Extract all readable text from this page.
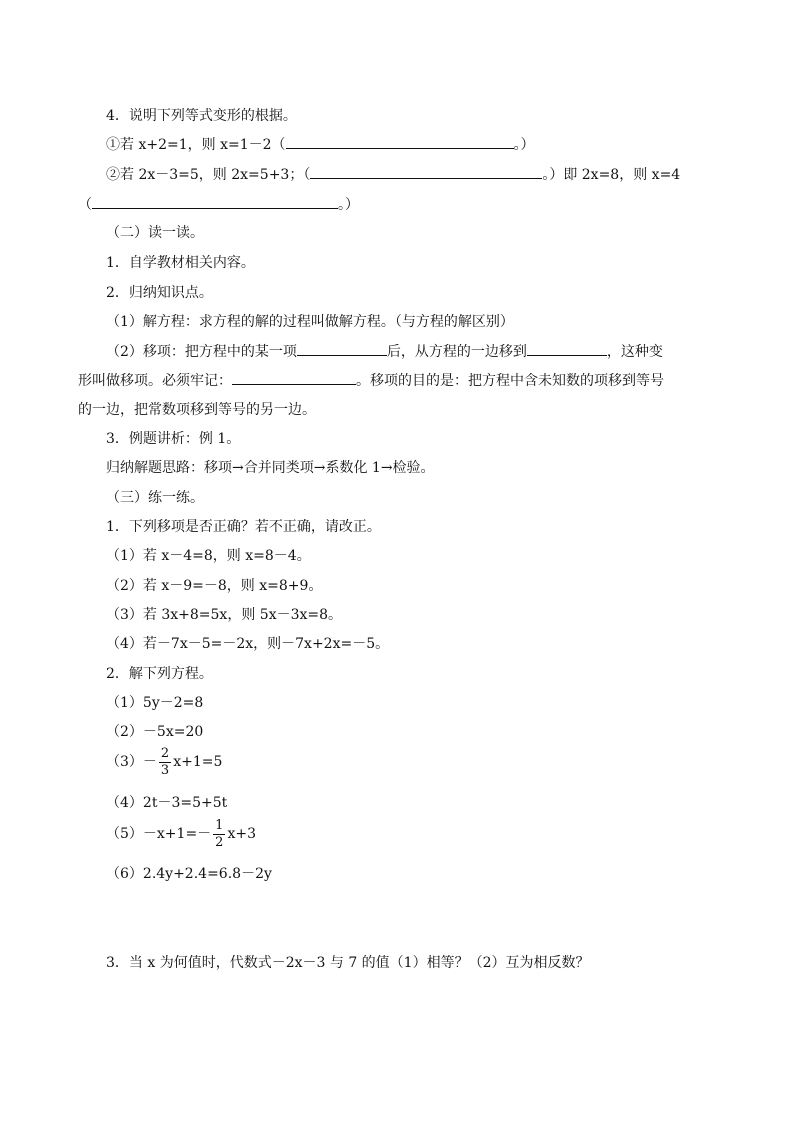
4．说明下列等式变形的根据。
①若 x+2=1，则 x=1－2（	。）
②若 2x－3=5，则 2x=5+3；（	。）即 2x=8，则 x=4
（	。）
（二）读一读。
1．自学教材相关内容。
2．归纳知识点。
（1）解方程：求方程的解的过程叫做解方程。（与方程的解区别）
（2）移项：把方程中的某一项	后，从方程的一边移到	，这种变
形叫做移项。必须牢记：	。移项的目的是：把方程中含未知数的项移到等号
的一边，把常数项移到等号的另一边。
3．例题讲析：例 1。
归纳解题思路：移项→合并同类项→系数化 1→检验。
（三）练一练。
1．下列移项是否正确？若不正确，请改正。
（1）若 x－4=8，则 x=8－4。
（2）若 x－9=－8，则 x=8+9。
（3）若 3x+8=5x，则 5x－3x=8。
（4）若－7x－5=－2x，则－7x+2x=－5。
2．解下列方程。
（1）5y－2=8
（2）－5x=20
$(3)- \frac{2}{3} x+1=5$
（4）2t－3=5+5t
$(5)-x+1=- \frac{1}{2} x+3$
（6）2.4y+2.4=6.8－2y
3．当 x 为何值时，代数式－2x－3 与 7 的值（1）相等？（2）互为相反数？
